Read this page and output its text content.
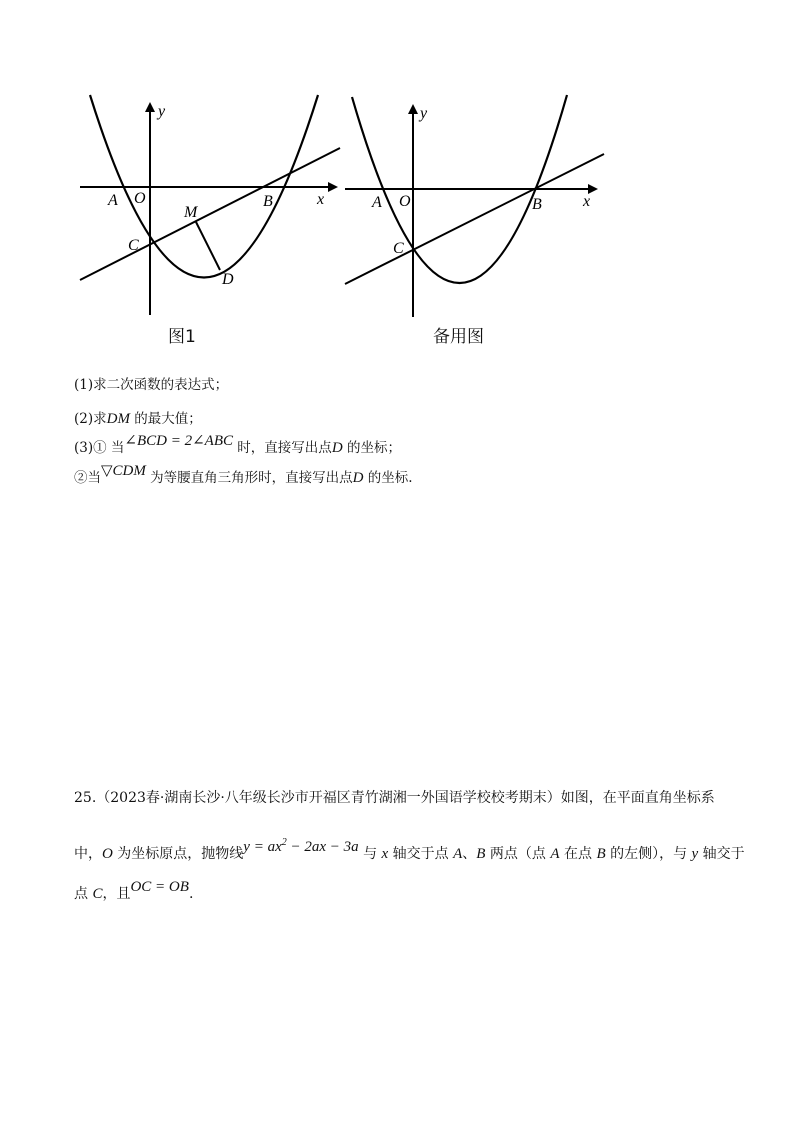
y
x
O
A	B
C
M
D
图1
y
x
O
A	B
C
备用图
(1)求二次函数的表达式；
(2)求DM 的最大值；
(3)① 当∠BCD = 2∠ABC 时，直接写出点D 的坐标；
②当▽CDM 为等腰直角三角形时，直接写出点D 的坐标.
25.（2023春·湖南长沙·八年级长沙市开福区青竹湖湘一外国语学校校考期末）如图，在平面直角坐标系
中，O 为坐标原点，抛物线$y = ax^2 - 2ax - 3a$ 与 x 轴交于点 A、B 两点（点 A 在点 B 的左侧），与 y 轴交于
点 C，且OC = OB.
